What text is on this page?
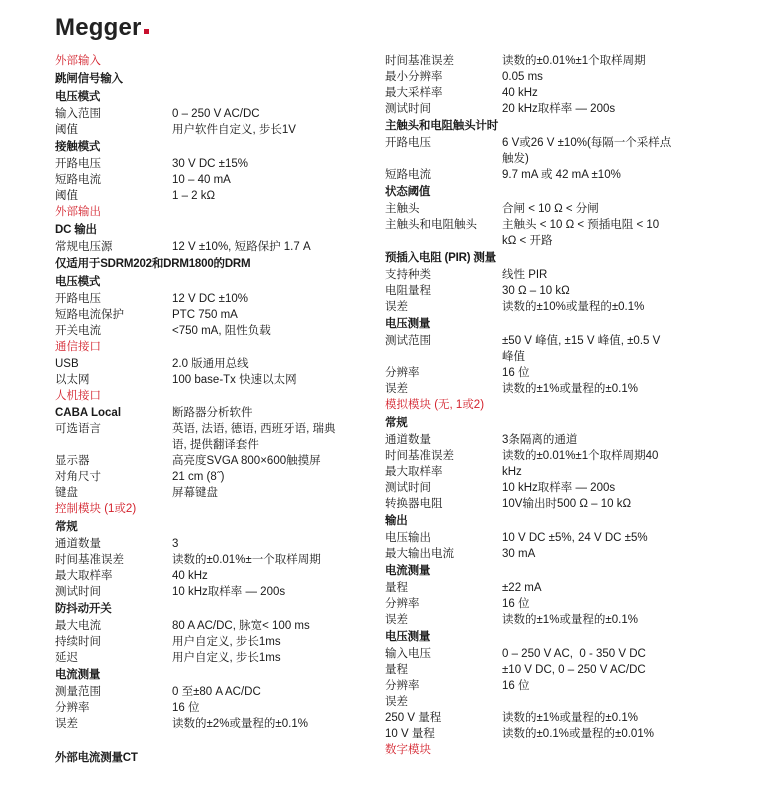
Megger
外部输入
跳闸信号输入
电压模式
输入范围	0 – 250 V AC/DC
阈值	用户软件自定义, 步长1V
接触模式
开路电压	30 V DC ±15%
短路电流	10 – 40 mA
阈值	1 – 2 kΩ
外部输出
DC 输出
常规电压源	12 V ±10%, 短路保护 1.7 A
仅适用于SDRM202和DRM1800的DRM
电压模式
开路电压	12 V DC ±10%
短路电流保护	PTC 750 mA
开关电流	<750 mA, 阻性负载
通信接口
USB	2.0 版通用总线
以太网	100 base-Tx 快速以太网
人机接口
CABA Local	断路器分析软件
可选语言	英语, 法语, 德语, 西班牙语, 瑞典
语, 提供翻译套件
显示器	高亮度SVGA 800×600触摸屏
对角尺寸	21 cm (8˝)
键盘	屏幕键盘
控制模块 (1或2)
常规
通道数量	3
时间基准误差	读数的±0.01%±一个取样周期
最大取样率	40 kHz
测试时间	10 kHz取样率 — 200s
防抖动开关
最大电流	80 A AC/DC, 脉宽< 100 ms
持续时间	用户自定义, 步长1ms
延迟	用户自定义, 步长1ms
电流测量
测量范围	0 至±80 A AC/DC
分辨率	16 位
误差	读数的±2%或量程的±0.1%
外部电流测量CT
时间基准误差	读数的±0.01%±1个取样周期
最小分辨率	0.05 ms
最大采样率	40 kHz
测试时间	20 kHz取样率 — 200s
主触头和电阻触头计时
开路电压	6 V或26 V ±10%(每隔一个采样点
触发)
短路电流	9.7 mA 或 42 mA ±10%
状态阈值
主触头	合闸 < 10 Ω < 分闸
主触头和电阻触头	主触头 < 10 Ω < 预插电阻 < 10
kΩ < 开路
预插入电阻 (PIR) 测量
支持种类	线性 PIR
电阻量程	30 Ω – 10 kΩ
误差	读数的±10%或量程的±0.1%
电压测量
测试范围	±50 V 峰值, ±15 V 峰值, ±0.5 V
峰值
分辨率	16 位
误差	读数的±1%或量程的±0.1%
模拟模块 (无, 1或2)
常规
通道数量	3条隔离的通道
时间基准误差	读数的±0.01%±1个取样周期40
最大取样率	kHz
测试时间	10 kHz取样率 — 200s
转换器电阻	10V输出时500 Ω – 10 kΩ
输出
电压输出	10 V DC ±5%, 24 V DC ±5%
最大输出电流	30 mA
电流测量
量程	±22 mA
分辨率	16 位
误差	读数的±1%或量程的±0.1%
电压测量
输入电压	0 – 250 V AC,  0 - 350 V DC
量程	±10 V DC, 0 – 250 V AC/DC
分辨率	16 位
误差
250 V 量程	读数的±1%或量程的±0.1%
10 V 量程	读数的±0.1%或量程的±0.01%
数字模块
